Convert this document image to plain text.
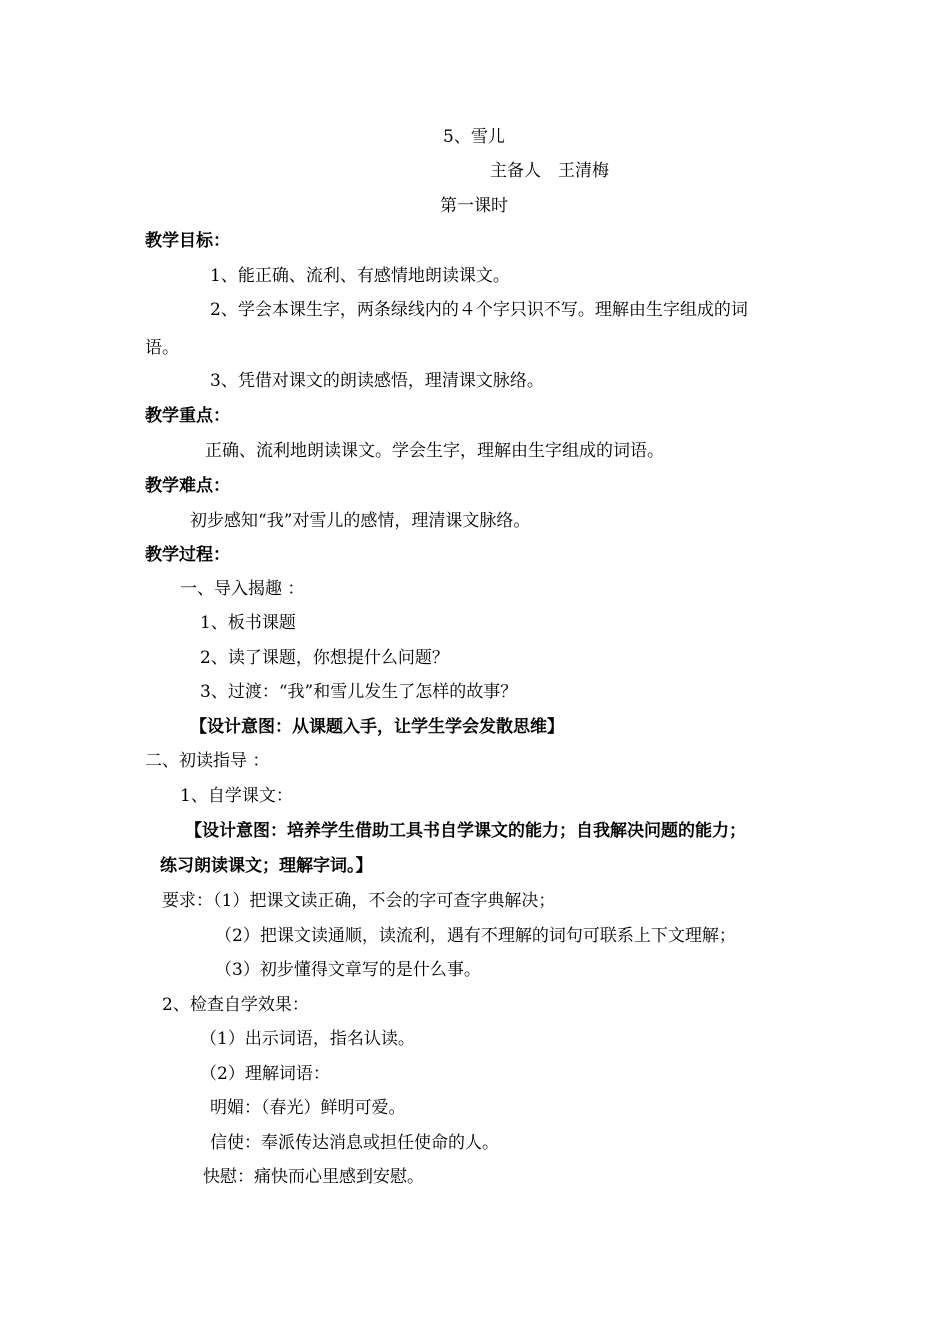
5、雪儿
主备人　王清梅
第一课时
教学目标：
1、能正确、流利、有感情地朗读课文。
2、学会本课生字，两条绿线内的４个字只识不写。理解由生字组成的词
语。
3、凭借对课文的朗读感悟，理清课文脉络。
教学重点：
正确、流利地朗读课文。学会生字，理解由生字组成的词语。
教学难点：
初步感知“我”对雪儿的感情，理清课文脉络。
教学过程：
一、导入揭趣 ：
1、板书课题
2、读了课题，你想提什么问题？
3、过渡：“我”和雪儿发生了怎样的故事？
【设计意图：从课题入手，让学生学会发散思维】
二、初读指导 ：
1、自学课文：
【设计意图：培养学生借助工具书自学课文的能力；自我解决问题的能力；
练习朗读课文；理解字词。】
要求：（1）把课文读正确，不会的字可查字典解决；
（2）把课文读通顺，读流利，遇有不理解的词句可联系上下文理解；
（3）初步懂得文章写的是什么事。
2、检查自学效果：
（1）出示词语，指名认读。
（2）理解词语：
明媚：（春光）鲜明可爱。
信使：奉派传达消息或担任使命的人。
快慰：痛快而心里感到安慰。
